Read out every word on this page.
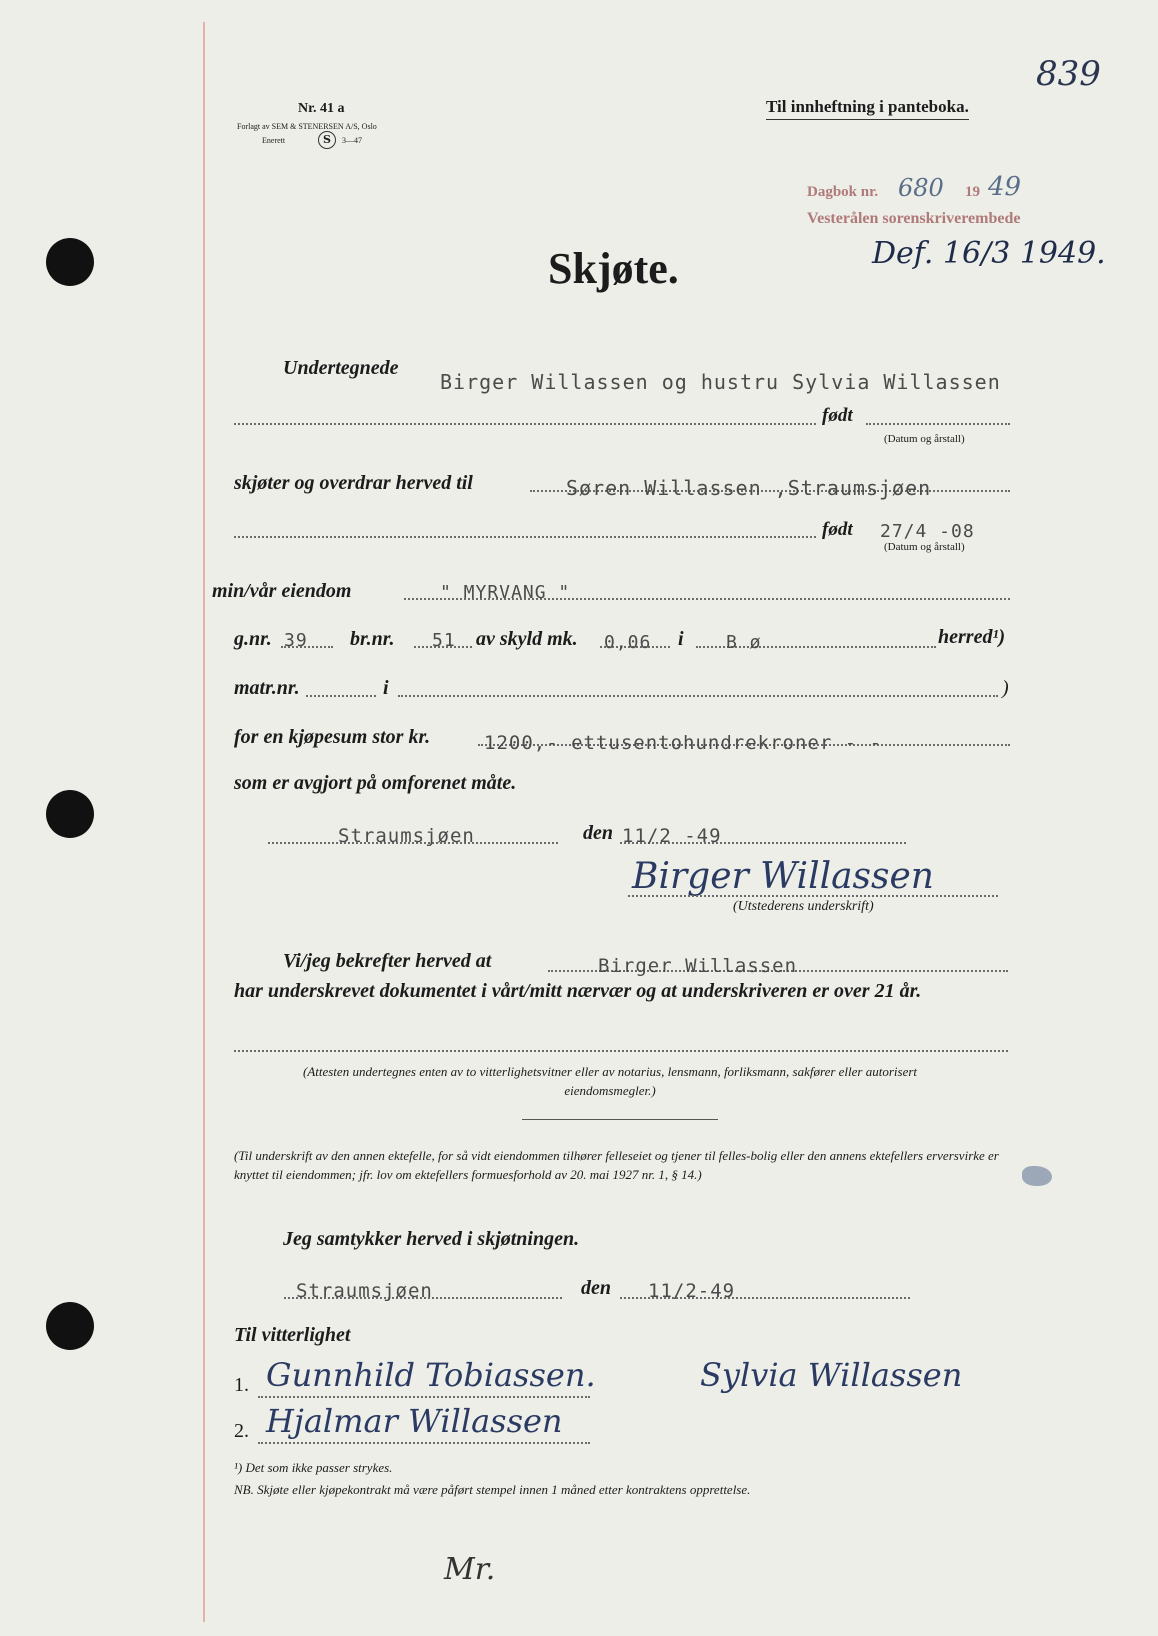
Nr. 41 a
Forlagt av SEM & STENERSEN A/S, Oslo
Enerett	S	3—47
Til innheftning i panteboka.
839
Dagbok nr. 680 19 49
Vesterålen sorenskriverembede
Def. 16/3 1949.
Skjøte.
Undertegnede
Birger Willassen og hustru Sylvia Willassen
født
(Datum og årstall)
skjøter og overdrar herved til	Søren Willassen ,Straumsjøen
født 27/4 -08
(Datum og årstall)
min/vår eiendom	" MYRVANG "
g.nr. 39 br.nr. 51 av skyld mk. 0,06 i B ø	herred¹)
matr.nr.	i	)
for en kjøpesum stor kr.	1200,- ettusentohundrekroner - -
som er avgjort på omforenet måte.
Straumsjøen	den 11/2 -49
Birger Willassen
(Utstederens underskrift)
Vi/jeg bekrefter herved at	Birger Willassen
har underskrevet dokumentet i vårt/mitt nærvær og at underskriveren er over 21 år.
(Attesten undertegnes enten av to vitterlighetsvitner eller av notarius, lensmann, forliksmann, sakfører eller autorisert eiendomsmegler.)
(Til underskrift av den annen ektefelle, for så vidt eiendommen tilhører felleseiet og tjener til felles-bolig eller den annens ektefellers erversvirke er knyttet til eiendommen; jfr. lov om ektefellers formuesforhold av 20. mai 1927 nr. 1, § 14.)
Jeg samtykker herved i skjøtningen.
Straumsjøen	den 11/2-49
Til vitterlighet
1. Gunnhild Tobiassen.
2. Hjalmar Willassen
Sylvia Willassen
¹) Det som ikke passer strykes.
NB. Skjøte eller kjøpekontrakt må være påført stempel innen 1 måned etter kontraktens opprettelse.
Mr.
